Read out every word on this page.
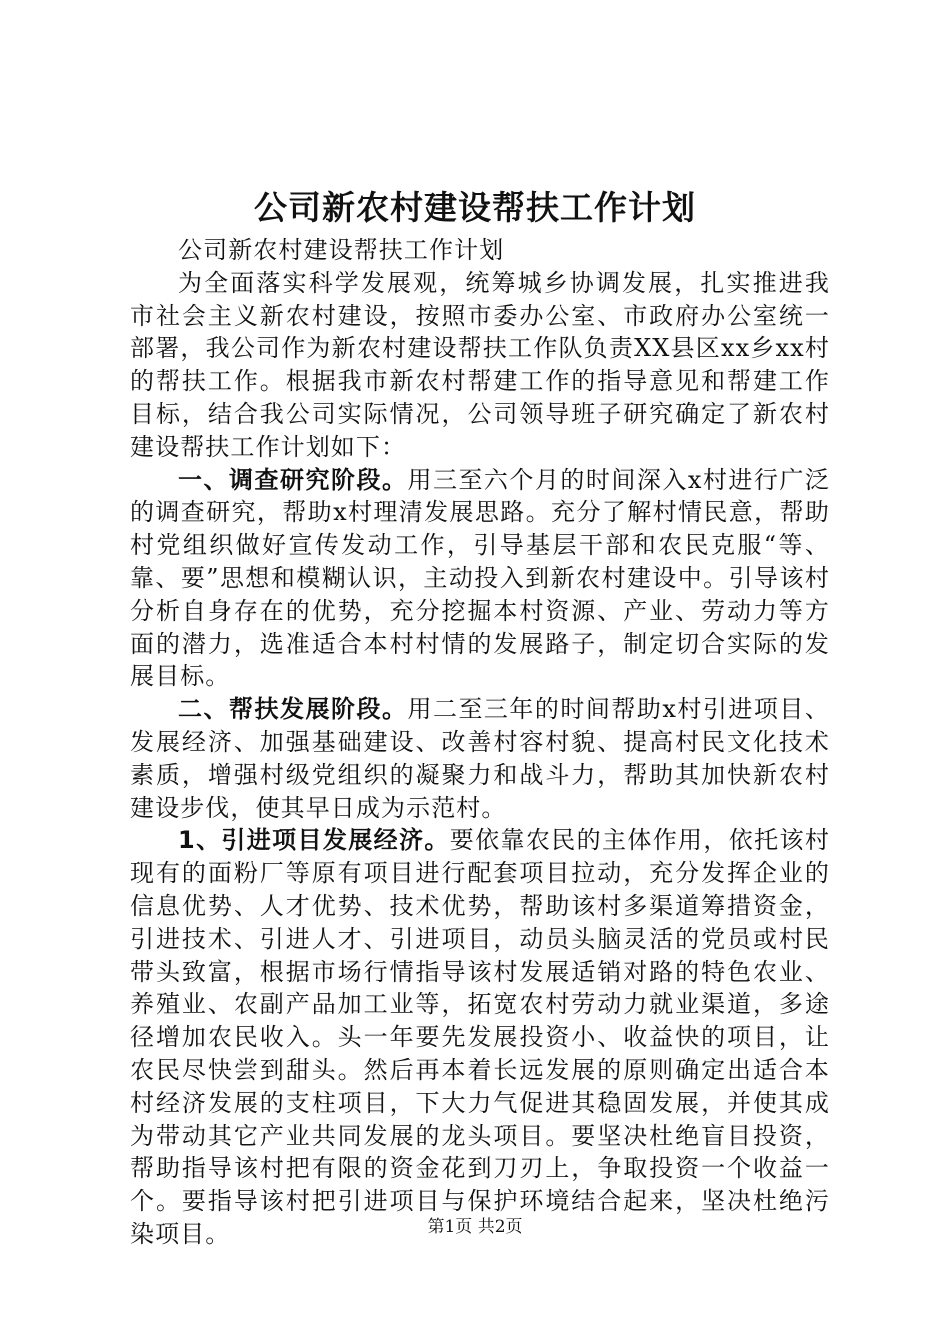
公司新农村建设帮扶工作计划

公司新农村建设帮扶工作计划

为全面落实科学发展观，统筹城乡协调发展，扎实推进我市社会主义新农村建设，按照市委办公室、市政府办公室统一部署，我公司作为新农村建设帮扶工作队负责XX县区xx乡xx村的帮扶工作。根据我市新农村帮建工作的指导意见和帮建工作目标，结合我公司实际情况，公司领导班子研究确定了新农村建设帮扶工作计划如下：

一、调查研究阶段。用三至六个月的时间深入x村进行广泛的调查研究，帮助x村理清发展思路。充分了解村情民意，帮助村党组织做好宣传发动工作，引导基层干部和农民克服“等、靠、要”思想和模糊认识，主动投入到新农村建设中。引导该村分析自身存在的优势，充分挖掘本村资源、产业、劳动力等方面的潜力，选准适合本村村情的发展路子，制定切合实际的发展目标。

二、帮扶发展阶段。用二至三年的时间帮助x村引进项目、发展经济、加强基础建设、改善村容村貌、提高村民文化技术素质，增强村级党组织的凝聚力和战斗力，帮助其加快新农村建设步伐，使其早日成为示范村。

1、引进项目发展经济。要依靠农民的主体作用，依托该村现有的面粉厂等原有项目进行配套项目拉动，充分发挥企业的信息优势、人才优势、技术优势，帮助该村多渠道筹措资金，引进技术、引进人才、引进项目，动员头脑灵活的党员或村民带头致富，根据市场行情指导该村发展适销对路的特色农业、养殖业、农副产品加工业等，拓宽农村劳动力就业渠道，多途径增加农民收入。头一年要先发展投资小、收益快的项目，让农民尽快尝到甜头。然后再本着长远发展的原则确定出适合本村经济发展的支柱项目，下大力气促进其稳固发展，并使其成为带动其它产业共同发展的龙头项目。要坚决杜绝盲目投资，帮助指导该村把有限的资金花到刀刃上，争取投资一个收益一个。要指导该村把引进项目与保护环境结合起来，坚决杜绝污染项目。	第1页 共2页
